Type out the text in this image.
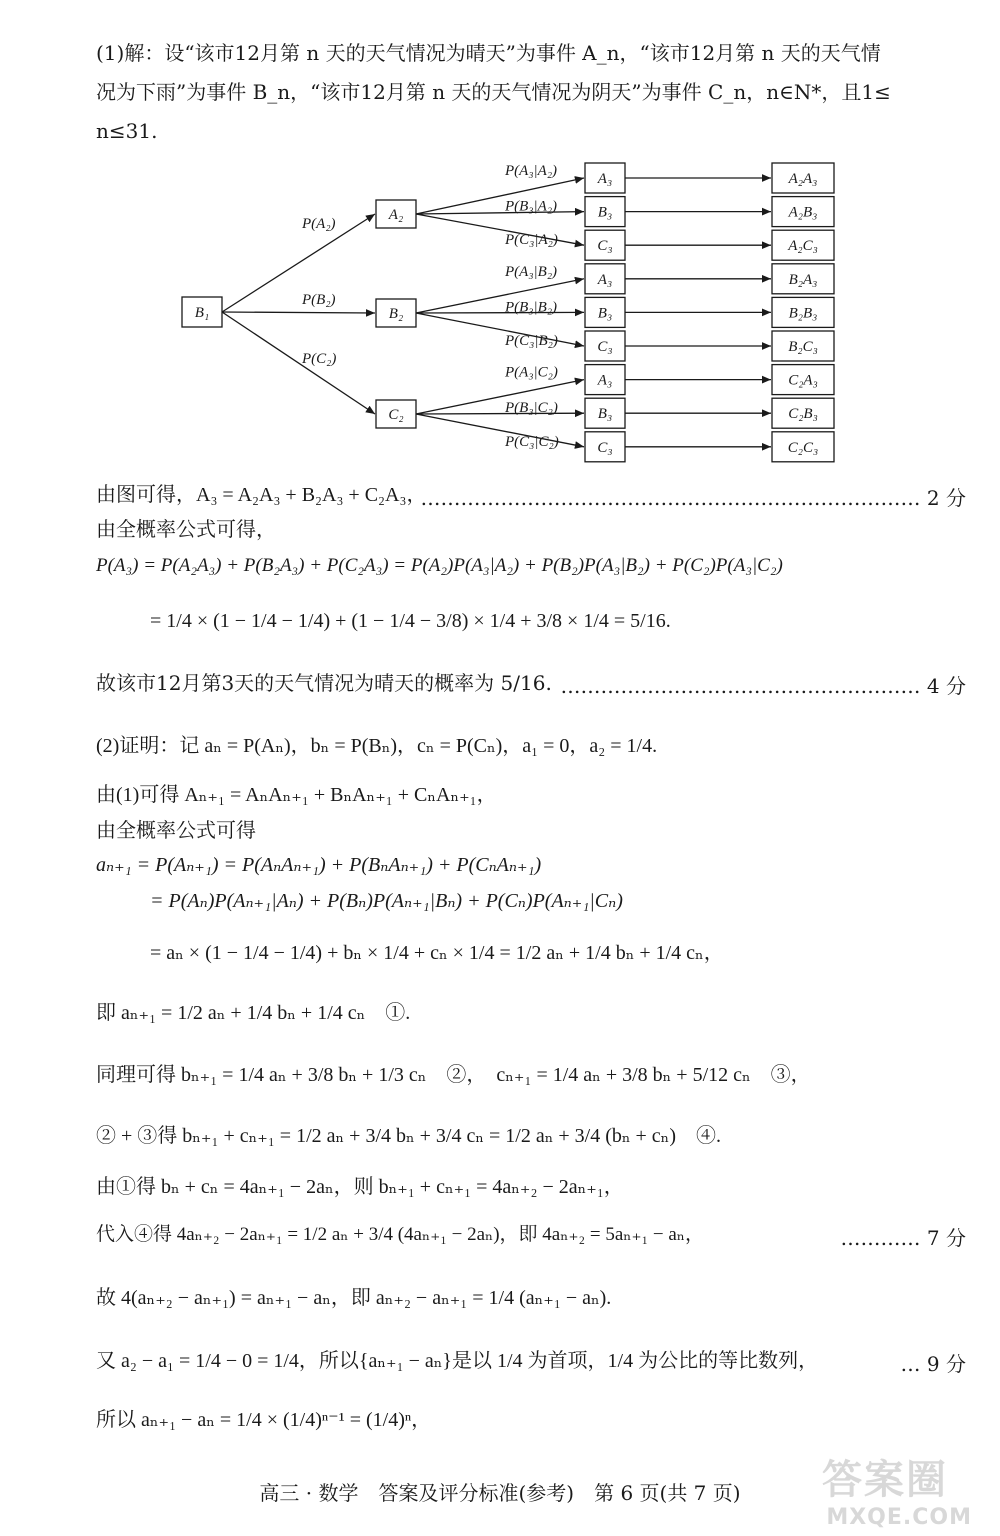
(1)解：设“该市12月第 n 天的天气情况为晴天”为事件 A_n，“该市12月第 n 天的天气情
况为下雨”为事件 B_n，“该市12月第 n 天的天气情况为阴天”为事件 C_n，n∈N*，且1≤
n≤31.
B₁
A₂
B₂
C₂
A₃	A₂A₃
B₃	A₂B₃
C₃	A₂C₃
A₃	B₂A₃
B₃	B₂B₃
C₃	B₂C₃
A₃	C₂A₃
B₃	C₂B₃
C₃	C₂C₃
P(A₂)
P(B₂)
P(C₂)
P(A₃|A₂)
P(B₃|A₂)
P(C₃|A₂)
P(A₃|B₂)
P(B₃|B₂)
P(C₃|B₂)
P(A₃|C₂)
P(B₃|C₂)
P(C₃|C₂)
由图可得，A₃ = A₂A₃ + B₂A₃ + C₂A₃，
………………………………………………………………… 2 分
由全概率公式可得，
P(A₃) = P(A₂A₃) + P(B₂A₃) + P(C₂A₃) = P(A₂)P(A₃|A₂) + P(B₂)P(A₃|B₂) + P(C₂)P(A₃|C₂)
= 1/4 × (1 − 1/4 − 1/4) + (1 − 1/4 − 3/8) × 1/4 + 3/8 × 1/4 = 5/16.
故该市12月第3天的天气情况为晴天的概率为 5/16. ……………………………………………… 4 分
(2)证明：记 aₙ = P(Aₙ)，bₙ = P(Bₙ)，cₙ = P(Cₙ)，a₁ = 0，a₂ = 1/4.
由(1)可得 Aₙ₊₁ = AₙAₙ₊₁ + BₙAₙ₊₁ + CₙAₙ₊₁，
由全概率公式可得
aₙ₊₁ = P(Aₙ₊₁) = P(AₙAₙ₊₁) + P(BₙAₙ₊₁) + P(CₙAₙ₊₁)
= P(Aₙ)P(Aₙ₊₁|Aₙ) + P(Bₙ)P(Aₙ₊₁|Bₙ) + P(Cₙ)P(Aₙ₊₁|Cₙ)
= aₙ × (1 − 1/4 − 1/4) + bₙ × 1/4 + cₙ × 1/4 = 1/2 aₙ + 1/4 bₙ + 1/4 cₙ，
即 aₙ₊₁ = 1/2 aₙ + 1/4 bₙ + 1/4 cₙ　①.
同理可得 bₙ₊₁ = 1/4 aₙ + 3/8 bₙ + 1/3 cₙ　②，　cₙ₊₁ = 1/4 aₙ + 3/8 bₙ + 5/12 cₙ　③，
② + ③得 bₙ₊₁ + cₙ₊₁ = 1/2 aₙ + 3/4 bₙ + 3/4 cₙ = 1/2 aₙ + 3/4 (bₙ + cₙ)　④.
由①得 bₙ + cₙ = 4aₙ₊₁ − 2aₙ，则 bₙ₊₁ + cₙ₊₁ = 4aₙ₊₂ − 2aₙ₊₁，
代入④得 4aₙ₊₂ − 2aₙ₊₁ = 1/2 aₙ + 3/4 (4aₙ₊₁ − 2aₙ)，即 4aₙ₊₂ = 5aₙ₊₁ − aₙ，	………… 7 分
故 4(aₙ₊₂ − aₙ₊₁) = aₙ₊₁ − aₙ，即 aₙ₊₂ − aₙ₊₁ = 1/4 (aₙ₊₁ − aₙ).
又 a₂ − a₁ = 1/4 − 0 = 1/4，所以{aₙ₊₁ − aₙ}是以 1/4 为首项，1/4 为公比的等比数列，	… 9 分
所以 aₙ₊₁ − aₙ = 1/4 × (1/4)ⁿ⁻¹ = (1/4)ⁿ，
高三 · 数学　答案及评分标准(参考)　第 6 页(共 7 页)	答案圈
MXQE.COM
